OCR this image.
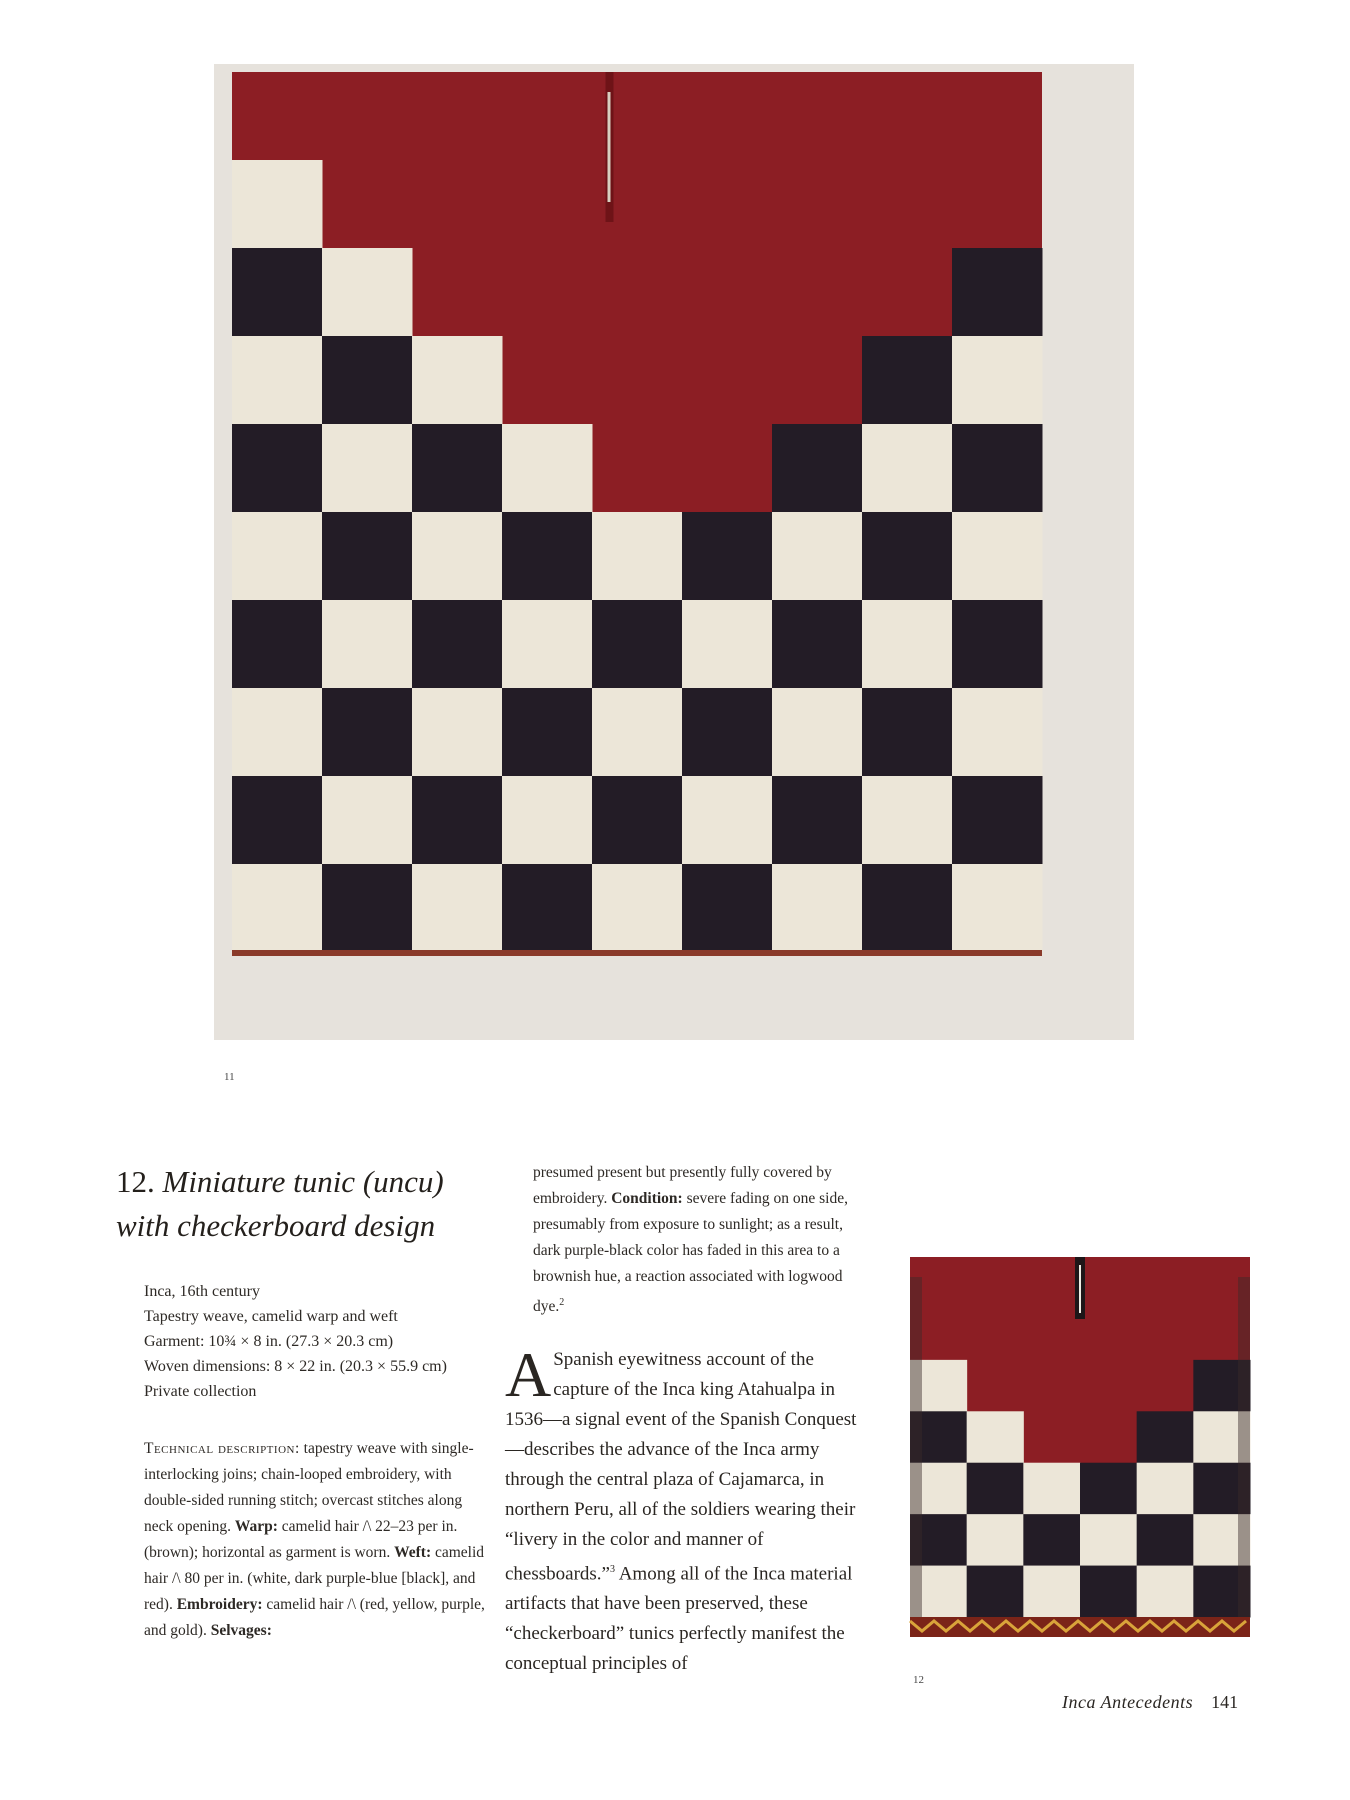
11
12
12. Miniature tunic (uncu)
with checkerboard design
Inca, 16th century
Tapestry weave, camelid warp and weft
Garment: 10¾ × 8 in. (27.3 × 20.3 cm)
Woven dimensions: 8 × 22 in. (20.3 × 55.9 cm)
Private collection
Technical description: tapestry weave with single-interlocking joins; chain-looped embroidery, with double-sided running stitch; overcast stitches along neck opening. Warp: camelid hair /\ 22–23 per in. (brown); horizontal as garment is worn. Weft: camelid hair /\ 80 per in. (white, dark purple-blue [black], and red). Embroidery: camelid hair /\ (red, yellow, purple, and gold). Selvages:
presumed present but presently fully covered by embroidery. Condition: severe fading on one side, presumably from exposure to sunlight; as a result, dark purple-black color has faded in this area to a brownish hue, a reaction associated with logwood dye.$^2$
A Spanish eyewitness account of the capture of the Inca king Atahualpa in 1536—a signal event of the Spanish Conquest—describes the advance of the Inca army through the central plaza of Cajamarca, in northern Peru, all of the soldiers wearing their “livery in the color and manner of chessboards.”$^3$ Among all of the Inca material artifacts that have been preserved, these “checkerboard” tunics perfectly manifest the conceptual principles of
Inca Antecedents 141
